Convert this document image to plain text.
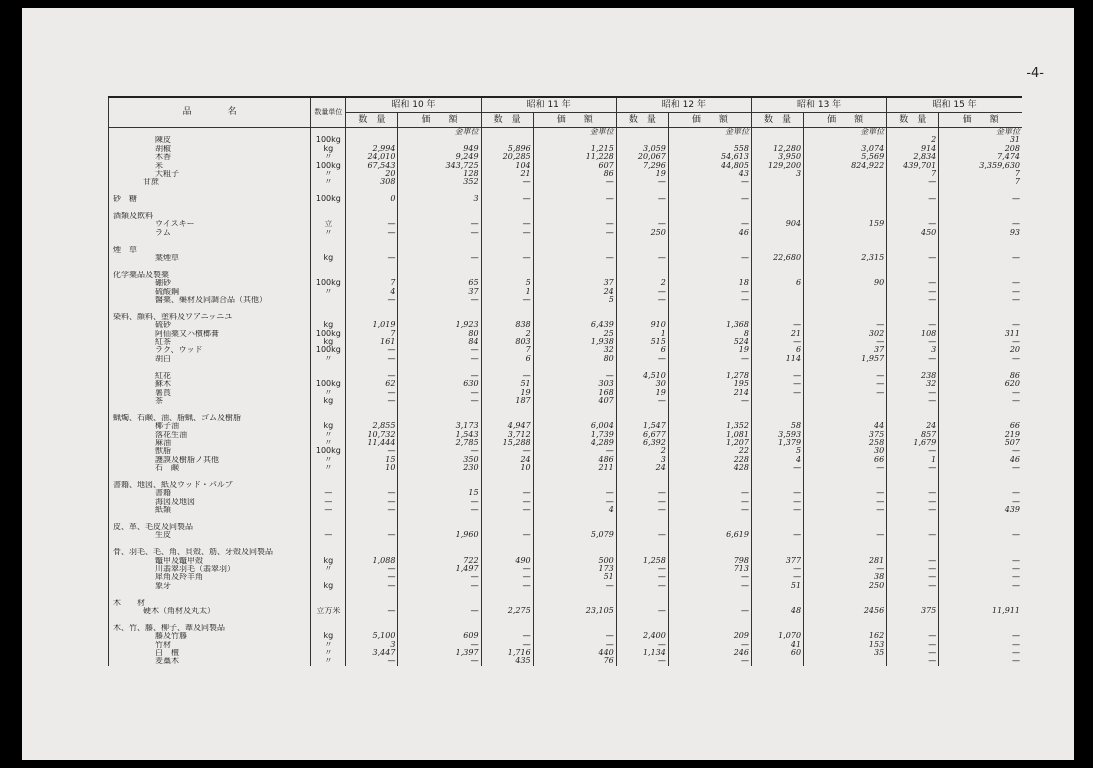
-4-
品　　　　名	数量単位	昭和 10 年		昭和 11 年		昭和 12 年		昭和 13 年		昭和 15 年	
		数　量	価　　額	数　量	価　　額	数　量	価　　額	数　量	価　　額	数　量	価　　額
			金單位		金單位		金單位		金單位		金單位
陳皮	100kg									2	31
胡椒	kg	2,994	949	5,896	1,215	3,059	558	12,280	3,074	914	208
木香	〃	24,010	9,249	20,285	11,228	20,067	54,613	3,950	5,569	2,834	7,474
米	100kg	67,543	343,725	104	607	7,296	44,805	129,200	824,922	439,701	3,359,630
大粗子	〃	20	128	21	86	19	43	3		7	7
甘蔗	〃	308	352	—	—	—	—			—	7

砂　糖	100kg	0	3	—	—	—	—			—	—

酒類及飲料											
ウイスキー	立	—	—	—	—	—	—	904	159	—	—
ラム	〃	—	—	—	—	250	46			450	93

煙　草											
葉煙草	kg	—	—	—	—	—	—	22,680	2,315	—	—

化学薬品及製薬											
硼砂	100kg	7	65	5	37	2	18	6	90	—	—
硫酸鋼	〃	4	37	1	24	—	—			—	—
醫薬、藥材及同調合品（其他）		—	—	—	5	—	—			—	—

染料、顔料、塗料及ワアニッニユ											
硫砂	kg	1,019	1,923	838	6,439	910	1,368	—	—	—	—
阿仙薬又ハ檳榔膏	100kg	7	80	2	25	1	8	21	302	108	311
紅茶	kg	161	84	803	1,938	515	524	—	—	—	—
ラク、ウッド	100kg	—	—	7	32	6	19	6	37	3	20
胡白	〃	—	—	6	80	—	—	114	1,957	—	—

紅花		—	—	—	—	4,510	1,278	—	—	238	86
蘇木	100kg	62	630	51	303	30	195	—	—	32	620
薯莨	〃	—	—	19	168	19	214	—	—	—	—
茶	kg	—	—	187	407	—	—			—	—

蝋燭、石鹸、油、脂蝋、ゴム及樹脂											
椰子油	kg	2,855	3,173	4,947	6,004	1,547	1,352	58	44	24	66
落花生油	〃	10,732	1,543	3,712	1,739	6,677	1,081	3,593	375	857	219
麻油	〃	11,444	2,785	15,288	4,289	6,392	1,207	1,379	258	1,679	507
獣脂	100kg	—	—	—	—	2	22	5	30	—	—
護謨及樹脂ノ其他	〃	15	350	24	486	3	228	4	66	1	46
石　鹸	〃	10	230	10	211	24	428	—	—	—	—

書籍、地図、紙及ウッド・パルプ											
書籍	—	—	15	—	—	—	—	—	—	—	—
海図及地図	—	—	—	—	—	—	—	—	—	—	—
紙類	—	—	—	—	4	—	—	—	—	—	439

皮、革、毛皮及同製品											
生皮	—	—	1,960	—	5,079	—	6,619	—	—	—	—

骨、羽毛、毛、角、貝殻、筋、牙殻及同製品											
鼈甲及鼈甲殻	kg	1,088	722	490	500	1,258	798	377	281	—	—
川翡翠羽毛（翡翠羽）	〃	—	1,497	—	173	—	713	—	—	—	—
犀角及羚羊角		—	—	—	51	—	—	—	38	—	—
象牙	kg	—	—	—	—	—	—	51	250	—	—

木　　材											
硬木（角材及丸太）	立方米	—	—	2,275	23,105	—	—	48	2456	375	11,911

木、竹、藤、柳子、葦及同製品											
藤及竹籐	kg	5,100	609	—	—	2,400	209	1,070	162	—	—
竹材	〃	3	—	—	—	—	—	41	153	—	—
白　檀	〃	3,447	1,397	1,716	440	1,134	246	60	35	—	—
麦藁木	〃	—	—	435	76	—	—			—	—
